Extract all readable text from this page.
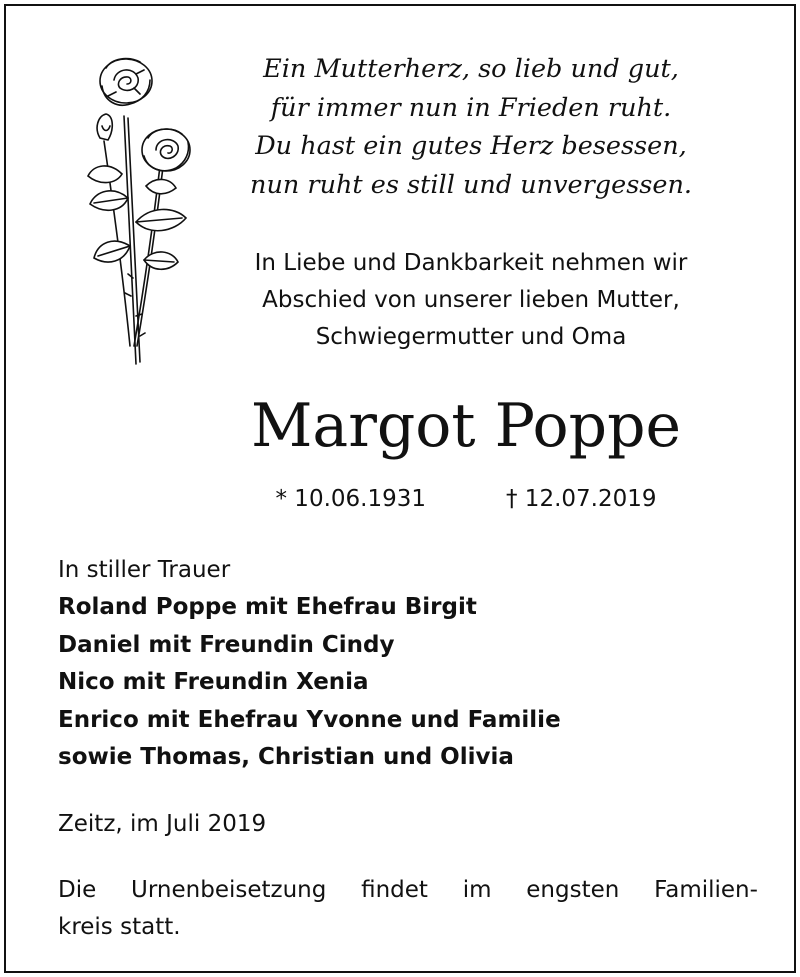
Ein Mutterherz, so lieb und gut,
für immer nun in Frieden ruht.
Du hast ein gutes Herz besessen,
nun ruht es still und unvergessen.
In Liebe und Dankbarkeit nehmen wir
Abschied von unserer lieben Mutter,
Schwiegermutter und Oma
Margot Poppe
* 10.06.1931	† 12.07.2019
In stiller Trauer
Roland Poppe mit Ehefrau Birgit
Daniel mit Freundin Cindy
Nico mit Freundin Xenia
Enrico mit Ehefrau Yvonne und Familie
sowie Thomas, Christian und Olivia
Zeitz, im Juli 2019
Die Urnenbeisetzung findet im engsten Familien-
kreis statt.
